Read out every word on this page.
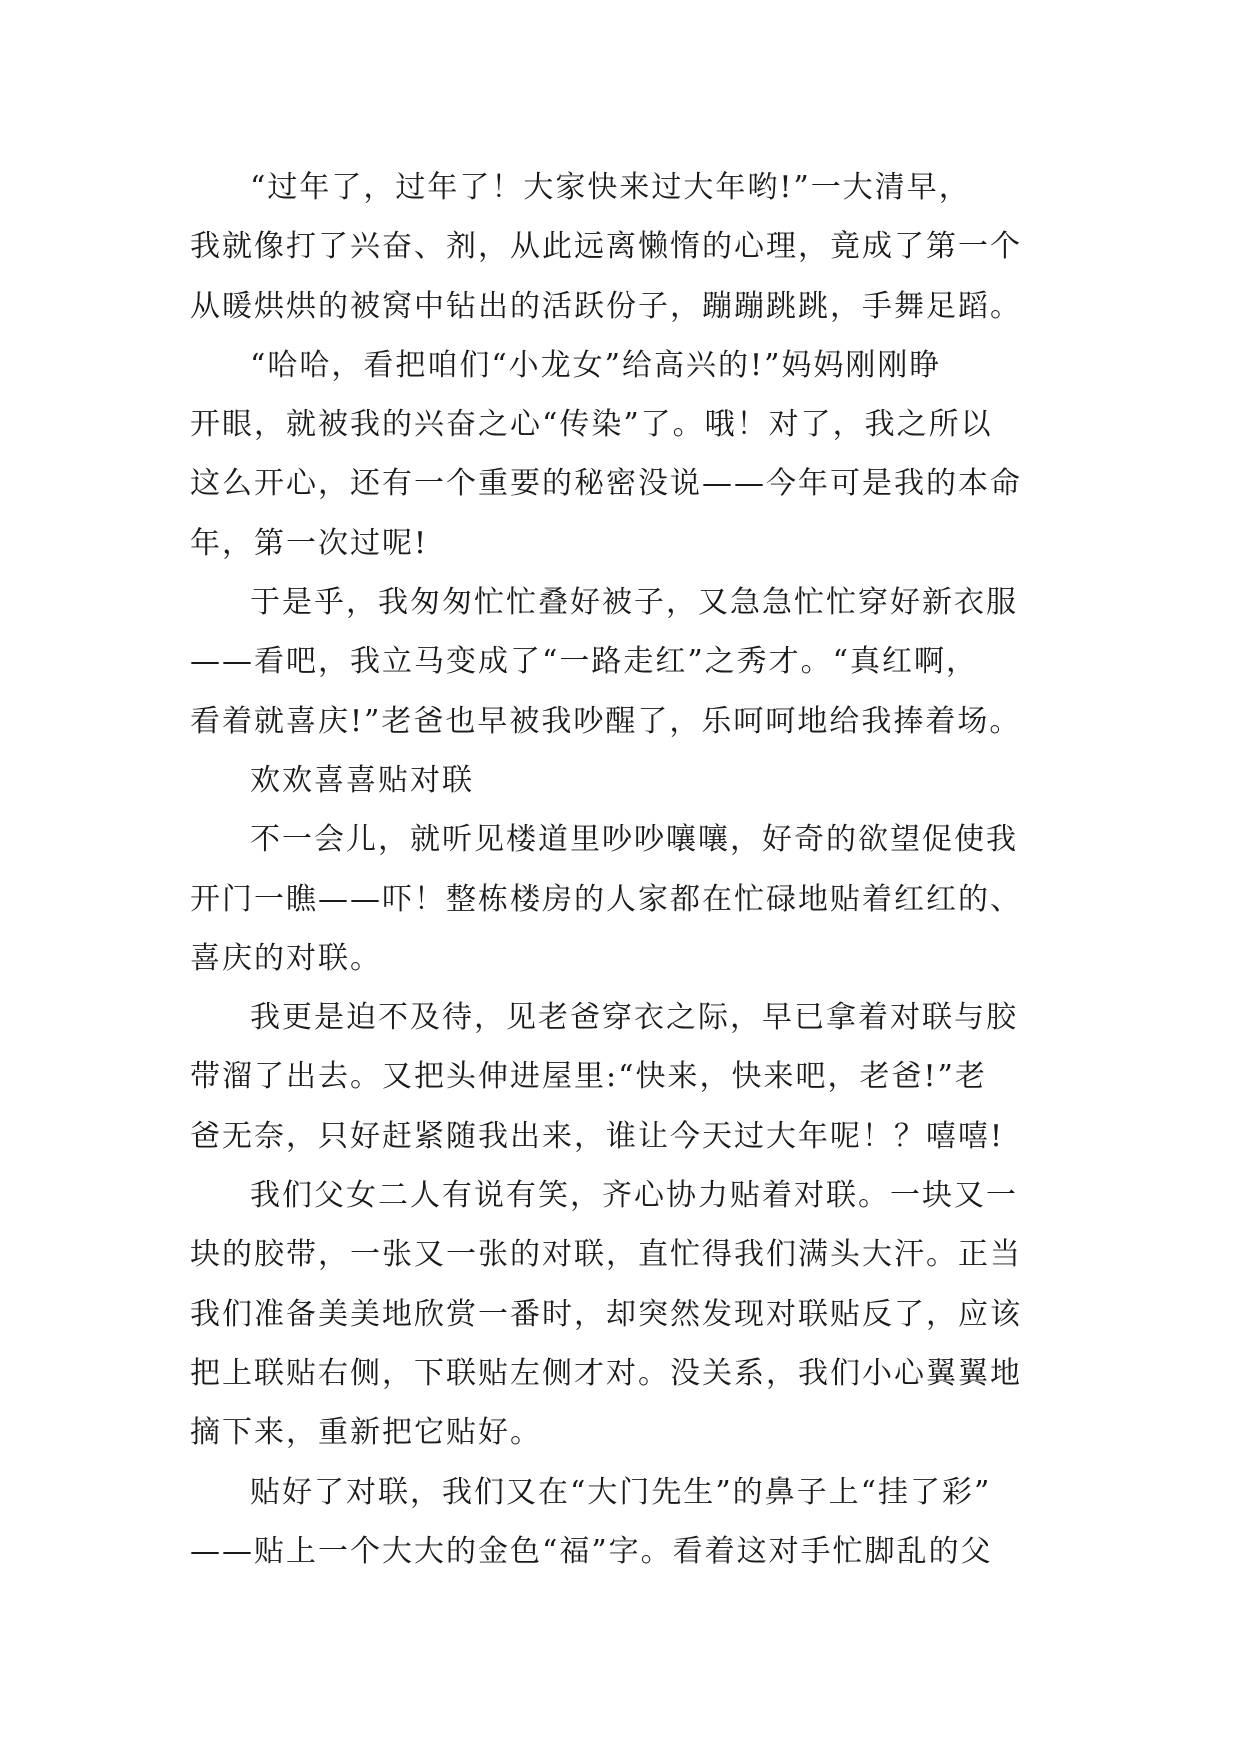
“过年了，过年了！大家快来过大年哟!”一大清早，
我就像打了兴奋、剂，从此远离懒惰的心理，竟成了第一个
从暖烘烘的被窝中钻出的活跃份子，蹦蹦跳跳，手舞足蹈。

“哈哈，看把咱们“小龙女”给高兴的!”妈妈刚刚睁
开眼，就被我的兴奋之心“传染”了。哦！对了，我之所以
这么开心，还有一个重要的秘密没说——今年可是我的本命
年，第一次过呢!

于是乎，我匆匆忙忙叠好被子，又急急忙忙穿好新衣服
——看吧，我立马变成了“一路走红”之秀才。“真红啊，
看着就喜庆!”老爸也早被我吵醒了，乐呵呵地给我捧着场。

欢欢喜喜贴对联

不一会儿，就听见楼道里吵吵嚷嚷，好奇的欲望促使我
开门一瞧——吓！整栋楼房的人家都在忙碌地贴着红红的、
喜庆的对联。

我更是迫不及待，见老爸穿衣之际，早已拿着对联与胶
带溜了出去。又把头伸进屋里:“快来，快来吧，老爸!”老
爸无奈，只好赶紧随我出来，谁让今天过大年呢！？嘻嘻!

我们父女二人有说有笑，齐心协力贴着对联。一块又一
块的胶带，一张又一张的对联，直忙得我们满头大汗。正当
我们准备美美地欣赏一番时，却突然发现对联贴反了，应该
把上联贴右侧，下联贴左侧才对。没关系，我们小心翼翼地
摘下来，重新把它贴好。

贴好了对联，我们又在“大门先生”的鼻子上“挂了彩”
——贴上一个大大的金色“福”字。看着这对手忙脚乱的父
